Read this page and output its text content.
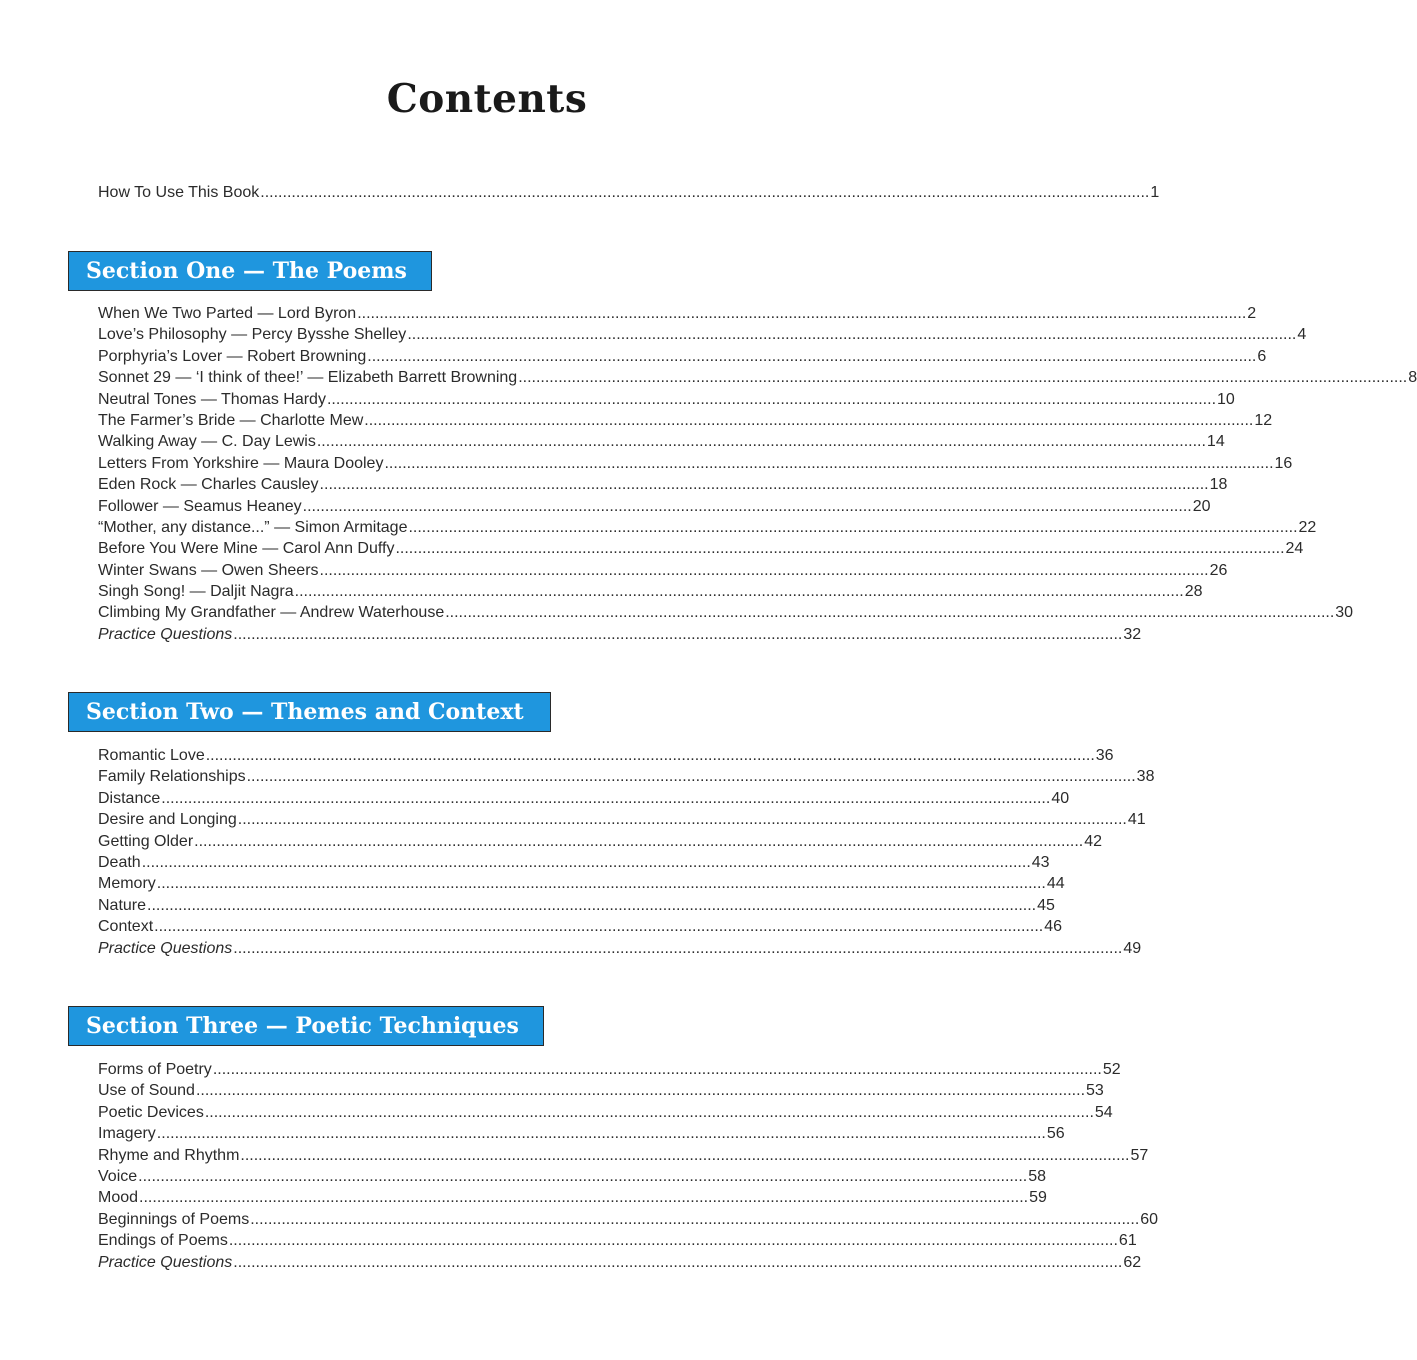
Contents
How To Use This Book ........................................................................................................................................................................................................ 1
Section One — The Poems
When We Two Parted — Lord Byron ........................................................................................................................................................................................................ 2
Love’s Philosophy — Percy Bysshe Shelley ........................................................................................................................................................................................................ 4
Porphyria’s Lover — Robert Browning ........................................................................................................................................................................................................ 6
Sonnet 29 — ‘I think of thee!’ — Elizabeth Barrett Browning ........................................................................................................................................................................................................ 8
Neutral Tones — Thomas Hardy ........................................................................................................................................................................................................ 10
The Farmer’s Bride — Charlotte Mew ........................................................................................................................................................................................................ 12
Walking Away — C. Day Lewis ........................................................................................................................................................................................................ 14
Letters From Yorkshire — Maura Dooley ........................................................................................................................................................................................................ 16
Eden Rock — Charles Causley ........................................................................................................................................................................................................ 18
Follower — Seamus Heaney ........................................................................................................................................................................................................ 20
“Mother, any distance...” — Simon Armitage ........................................................................................................................................................................................................ 22
Before You Were Mine — Carol Ann Duffy ........................................................................................................................................................................................................ 24
Winter Swans — Owen Sheers ........................................................................................................................................................................................................ 26
Singh Song! — Daljit Nagra ........................................................................................................................................................................................................ 28
Climbing My Grandfather — Andrew Waterhouse ........................................................................................................................................................................................................ 30
Practice Questions ........................................................................................................................................................................................................ 32
Section Two — Themes and Context
Romantic Love ........................................................................................................................................................................................................ 36
Family Relationships ........................................................................................................................................................................................................ 38
Distance ........................................................................................................................................................................................................ 40
Desire and Longing ........................................................................................................................................................................................................ 41
Getting Older ........................................................................................................................................................................................................ 42
Death ........................................................................................................................................................................................................ 43
Memory ........................................................................................................................................................................................................ 44
Nature ........................................................................................................................................................................................................ 45
Context ........................................................................................................................................................................................................ 46
Practice Questions ........................................................................................................................................................................................................ 49
Section Three — Poetic Techniques
Forms of Poetry ........................................................................................................................................................................................................ 52
Use of Sound ........................................................................................................................................................................................................ 53
Poetic Devices ........................................................................................................................................................................................................ 54
Imagery ........................................................................................................................................................................................................ 56
Rhyme and Rhythm ........................................................................................................................................................................................................ 57
Voice ........................................................................................................................................................................................................ 58
Mood ........................................................................................................................................................................................................ 59
Beginnings of Poems ........................................................................................................................................................................................................ 60
Endings of Poems ........................................................................................................................................................................................................ 61
Practice Questions ........................................................................................................................................................................................................ 62
